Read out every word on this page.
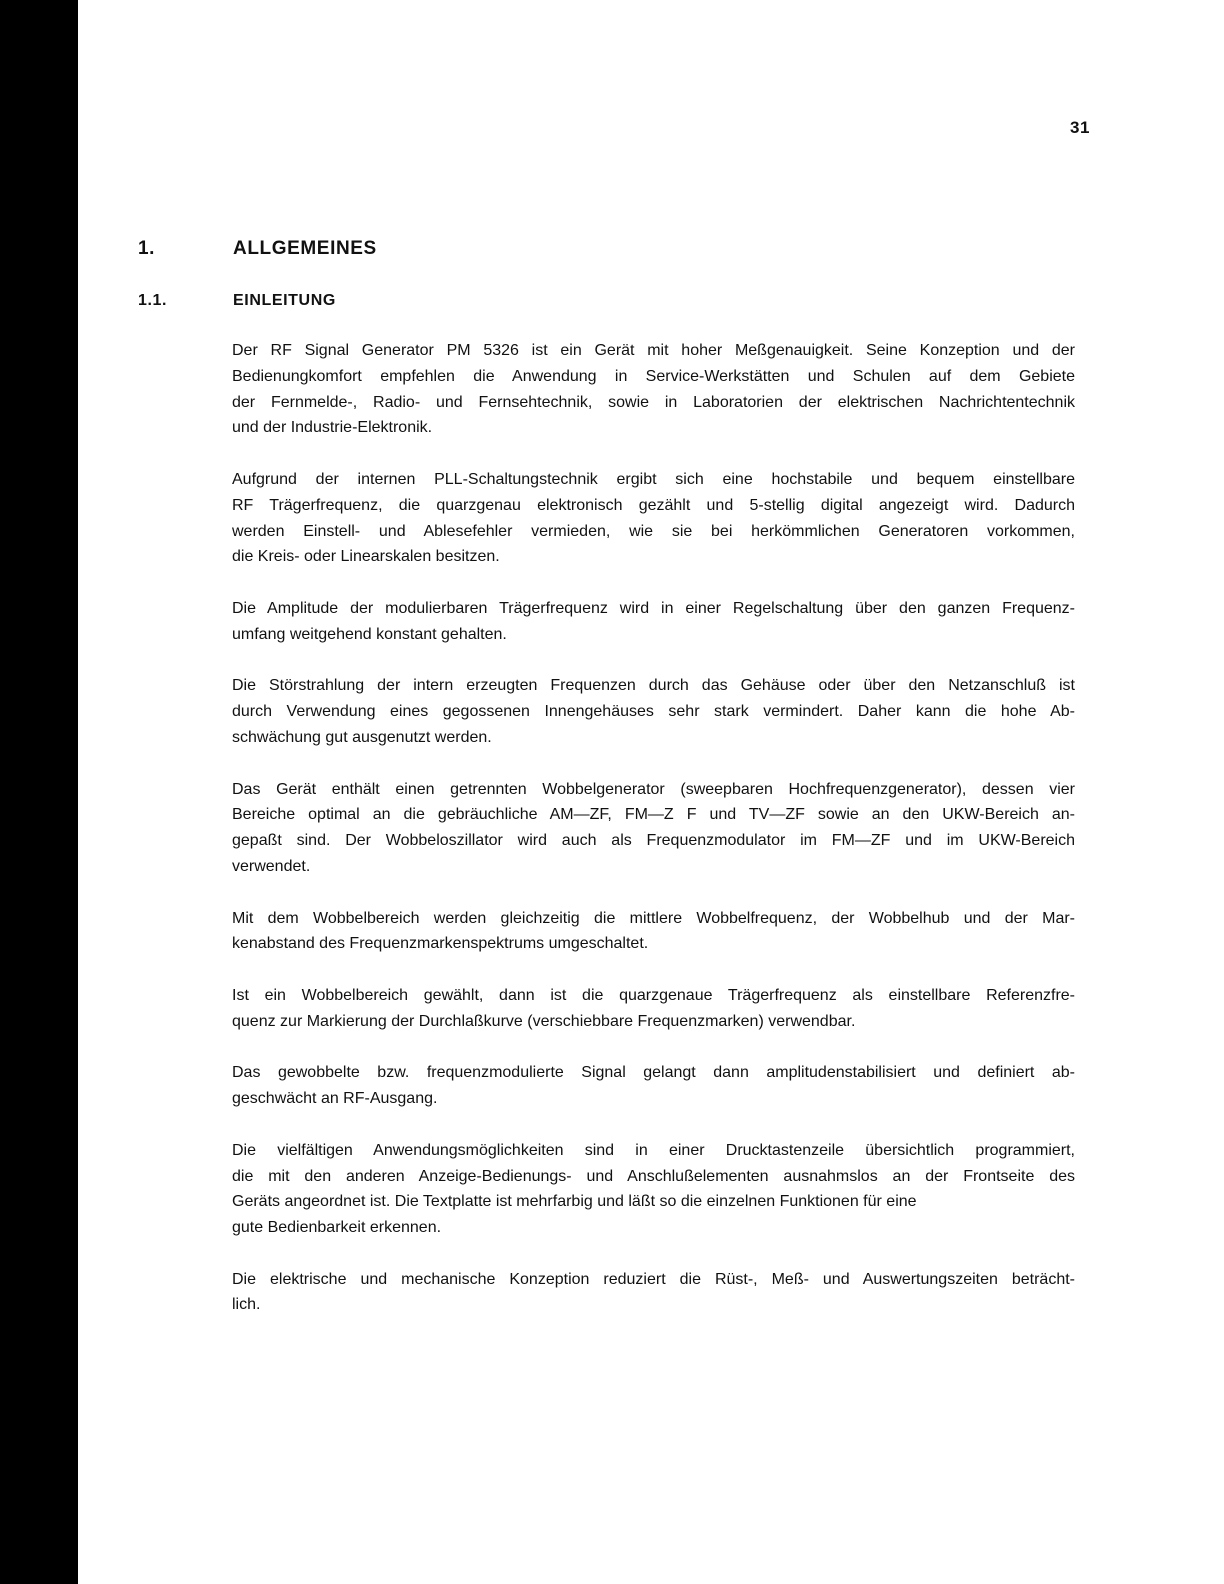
31
1.	ALLGEMEINES
1.1.	EINLEITUNG

Der RF Signal Generator PM 5326 ist ein Gerät mit hoher Meßgenauigkeit. Seine Konzeption und der
Bedienungkomfort empfehlen die Anwendung in Service-Werkstätten und Schulen auf dem Gebiete
der Fernmelde-, Radio- und Fernsehtechnik, sowie in Laboratorien der elektrischen Nachrichtentechnik
und der Industrie-Elektronik.

Aufgrund der internen PLL-Schaltungstechnik ergibt sich eine hochstabile und bequem einstellbare
RF Trägerfrequenz, die quarzgenau elektronisch gezählt und 5-stellig digital angezeigt wird. Dadurch
werden Einstell- und Ablesefehler vermieden, wie sie bei herkömmlichen Generatoren vorkommen,
die Kreis- oder Linearskalen besitzen.

Die Amplitude der modulierbaren Trägerfrequenz wird in einer Regelschaltung über den ganzen Frequenz-
umfang weitgehend konstant gehalten.

Die Störstrahlung der intern erzeugten Frequenzen durch das Gehäuse oder über den Netzanschluß ist
durch Verwendung eines gegossenen Innengehäuses sehr stark vermindert. Daher kann die hohe Ab-
schwächung gut ausgenutzt werden.

Das Gerät enthält einen getrennten Wobbelgenerator (sweepbaren Hochfrequenzgenerator), dessen vier
Bereiche optimal an die gebräuchliche AM—ZF, FM—Z F und TV—ZF sowie an den UKW-Bereich an-
gepaßt sind. Der Wobbeloszillator wird auch als Frequenzmodulator im FM—ZF und im UKW-Bereich
verwendet.

Mit dem Wobbelbereich werden gleichzeitig die mittlere Wobbelfrequenz, der Wobbelhub und der Mar-
kenabstand des Frequenzmarkenspektrums umgeschaltet.

Ist ein Wobbelbereich gewählt, dann ist die quarzgenaue Trägerfrequenz als einstellbare Referenzfre-
quenz zur Markierung der Durchlaßkurve (verschiebbare Frequenzmarken) verwendbar.

Das gewobbelte bzw. frequenzmodulierte Signal gelangt dann amplitudenstabilisiert und definiert ab-
geschwächt an RF-Ausgang.

Die vielfältigen Anwendungsmöglichkeiten sind in einer Drucktastenzeile übersichtlich programmiert,
die mit den anderen Anzeige-Bedienungs- und Anschlußelementen ausnahmslos an der Frontseite des
Geräts angeordnet ist. Die Textplatte ist mehrfarbig und läßt so die einzelnen Funktionen für eine
gute Bedienbarkeit erkennen.

Die elektrische und mechanische Konzeption reduziert die Rüst-, Meß- und Auswertungszeiten beträcht-
lich.
